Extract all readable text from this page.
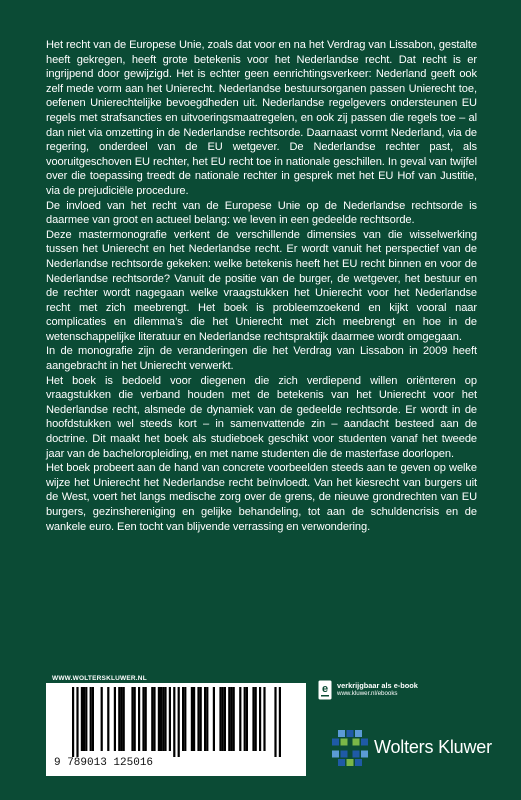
Het recht van de Europese Unie, zoals dat voor en na het Verdrag van Lissabon, gestalte heeft gekregen, heeft grote betekenis voor het Nederlandse recht. Dat recht is er ingrijpend door gewijzigd. Het is echter geen eenrichtingsverkeer: Nederland geeft ook zelf mede vorm aan het Unierecht. Nederlandse bestuursorganen passen Unierecht toe, oefenen Unierechtelijke bevoegdheden uit. Nederlandse regelgevers ondersteunen EU regels met strafsancties en uitvoeringsmaatregelen, en ook zij passen die regels toe – al dan niet via omzetting in de Nederlandse rechtsorde. Daarnaast vormt Nederland, via de regering, onderdeel van de EU wetgever. De Nederlandse rechter past, als vooruitgeschoven EU rechter, het EU recht toe in nationale geschillen. In geval van twijfel over die toepassing treedt de nationale rechter in gesprek met het EU Hof van Justitie, via de prejudiciële procedure.

De invloed van het recht van de Europese Unie op de Nederlandse rechtsorde is daarmee van groot en actueel belang: we leven in een gedeelde rechtsorde.

Deze mastermonografie verkent de verschillende dimensies van die wisselwerking tussen het Unierecht en het Nederlandse recht. Er wordt vanuit het perspectief van de Nederlandse rechtsorde gekeken: welke betekenis heeft het EU recht binnen en voor de Nederlandse rechtsorde? Vanuit de positie van de burger, de wetgever, het bestuur en de rechter wordt nagegaan welke vraagstukken het Unierecht voor het Nederlandse recht met zich meebrengt. Het boek is probleemzoekend en kijkt vooral naar complicaties en dilemma’s die het Unierecht met zich meebrengt en hoe in de wetenschappelijke literatuur en Nederlandse rechtspraktijk daarmee wordt omgegaan.

In de monografie zijn de veranderingen die het Verdrag van Lissabon in 2009 heeft aangebracht in het Unierecht verwerkt.

Het boek is bedoeld voor diegenen die zich verdiepend willen oriënteren op vraagstukken die verband houden met de betekenis van het Unierecht voor het Nederlandse recht, alsmede de dynamiek van de gedeelde rechtsorde. Er wordt in de hoofdstukken wel steeds kort – in samenvattende zin – aandacht besteed aan de doctrine. Dit maakt het boek als studieboek geschikt voor studenten vanaf het tweede jaar van de bacheloropleiding, en met name studenten die de masterfase doorlopen.

Het boek probeert aan de hand van concrete voorbeelden steeds aan te geven op welke wijze het Unierecht het Nederlandse recht beïnvloedt. Van het kiesrecht van burgers uit de West, voert het langs medische zorg over de grens, de nieuwe grondrechten van EU burgers, gezinshereniging en gelijke behandeling, tot aan de schuldencrisis en de wankele euro. Een tocht van blijvende verrassing en verwondering.

WWW.WOLTERSKLUWER.NL
9 789013 125016
e verkrijgbaar als e-book
www.kluwer.nl/ebooks
Wolters Kluwer
